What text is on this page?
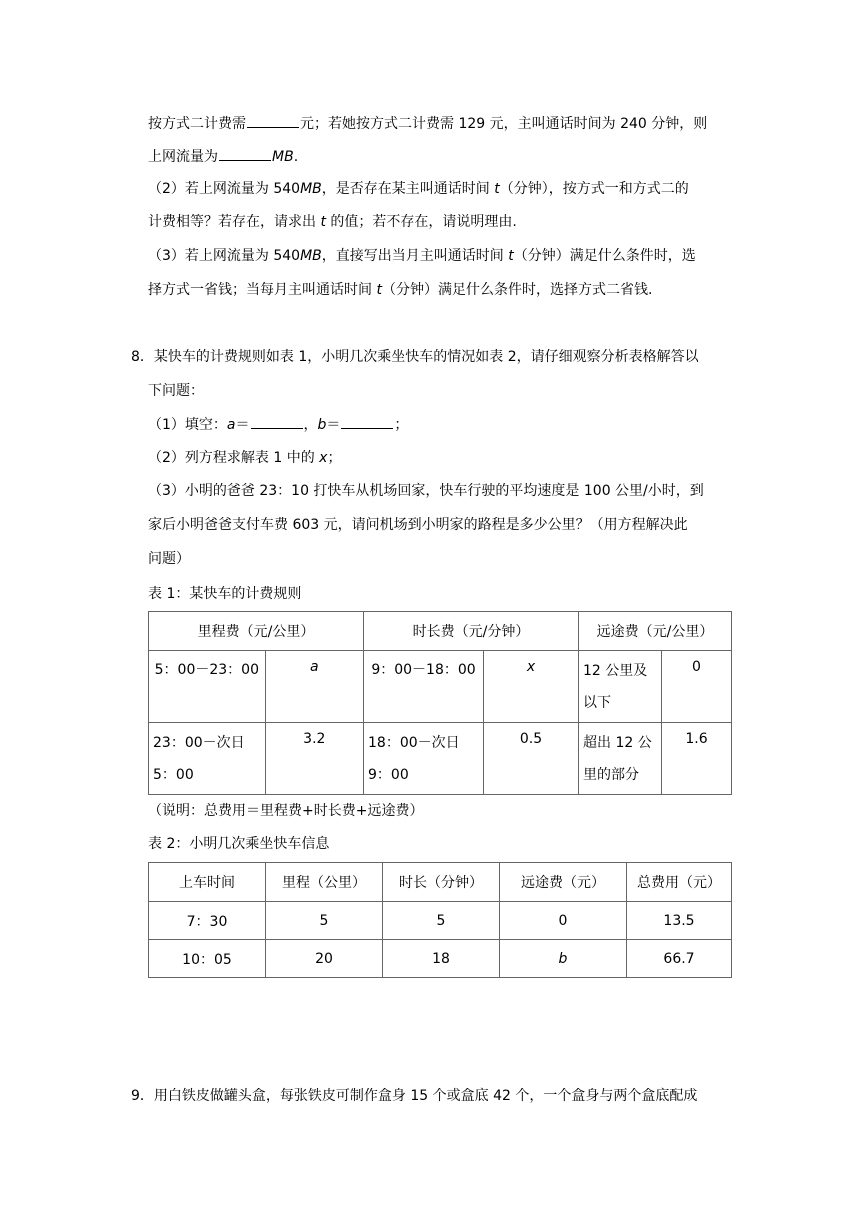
按方式二计费需	元；若她按方式二计费需 129 元，主叫通话时间为 240 分钟，则
上网流量为	MB.
（2）若上网流量为 540MB，是否存在某主叫通话时间 t（分钟），按方式一和方式二的
计费相等？若存在，请求出 t 的值；若不存在，请说明理由.
（3）若上网流量为 540MB，直接写出当月主叫通话时间 t（分钟）满足什么条件时，选
择方式一省钱；当每月主叫通话时间 t（分钟）满足什么条件时，选择方式二省钱.
8．某快车的计费规则如表 1，小明几次乘坐快车的情况如表 2，请仔细观察分析表格解答以
下问题：
（1）填空：a＝	，b＝	；
（2）列方程求解表 1 中的 x；
（3）小明的爸爸 23：10 打快车从机场回家，快车行驶的平均速度是 100 公里/小时，到
家后小明爸爸支付车费 603 元，请问机场到小明家的路程是多少公里？（用方程解决此
问题）
表 1：某快车的计费规则
里程费（元/公里）		时长费（元/分钟）		远途费（元/公里）	
5：00－23：00	a	9：00－18：00	x	12 公里及以下	0
23：00－次日 5：00	3.2	18：00－次日 9：00	0.5	超出 12 公里的部分	1.6
（说明：总费用＝里程费+时长费+远途费）
表 2：小明几次乘坐快车信息
上车时间	里程（公里）	时长（分钟）	远途费（元）	总费用（元）
7：30	5	5	0	13.5
10：05	20	18	b	66.7
9．用白铁皮做罐头盒，每张铁皮可制作盒身 15 个或盒底 42 个，一个盒身与两个盒底配成
